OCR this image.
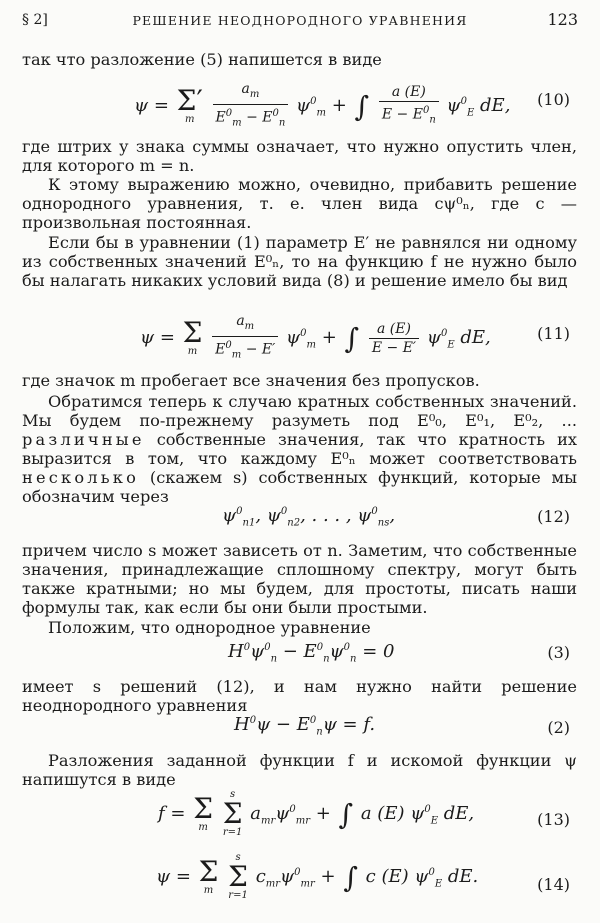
§ 2]	РЕШЕНИЕ НЕОДНОРОДНОГО УРАВНЕНИЯ	123
так что разложение (5) напишется в виде
ψ = Σ′
m
	$\frac{a_m}{E^0_m - E^0_n} \psi^0_m$ + ∫ $\frac{a (E)}{E - E^0_n} \psi^0_E$ dE, (10)
где штрих у знака суммы означает, что нужно опустить член, для которого m = n.
К этому выражению можно, очевидно, прибавить решение однородного уравнения, т. е. член вида cψ⁰ₙ, где c — произвольная постоянная.
Если бы в уравнении (1) параметр E′ не равнялся ни одному из собственных значений E⁰ₙ, то на функцию f не нужно было бы налагать никаких условий вида (8) и решение имело бы вид
ψ = Σ
m
	$\frac{a_m}{E^0_m - E'} \psi^0_m$ + ∫ $\frac{a (E)}{E - E'} \psi^0_E$ dE,	(11)
где значок m пробегает все значения без пропусков.
Обратимся теперь к случаю кратных собственных значений. Мы будем по-прежнему разуметь под E⁰₀, E⁰₁, E⁰₂, ... различные собственные значения, так что кратность их выразится в том, что каждому E⁰ₙ может соответствовать несколько (скажем s) собственных функций, которые мы обозначим через
$\psi^0_{n1}$, $\psi^0_{n2}$, . . . , $\psi^0_{ns}$,	(12)
причем число s может зависеть от n. Заметим, что собственные значения, принадлежащие сплошному спектру, могут быть также кратными; но мы будем, для простоты, писать наши формулы так, как если бы они были простыми.
Положим, что однородное уравнение
$H^0\psi^0_n - E^0_n\psi^0_n = 0$	(3)
имеет s решений (12), и нам нужно найти решение неоднородного уравнения
$H^0\psi - E^0_n\psi = f$.	(2)
Разложения заданной функции f и искомой функции ψ напишутся в виде
f = Σ
m

s
Σ
r=1
$a_{mr}\psi^0_{mr}$ + ∫ a (E) $\psi^0_E$ dE,	(13)
ψ = Σ
m

s
Σ
r=1
$c_{mr}\psi^0_{mr}$ + ∫ c (E) $\psi^0_E$ dE.	(14)
